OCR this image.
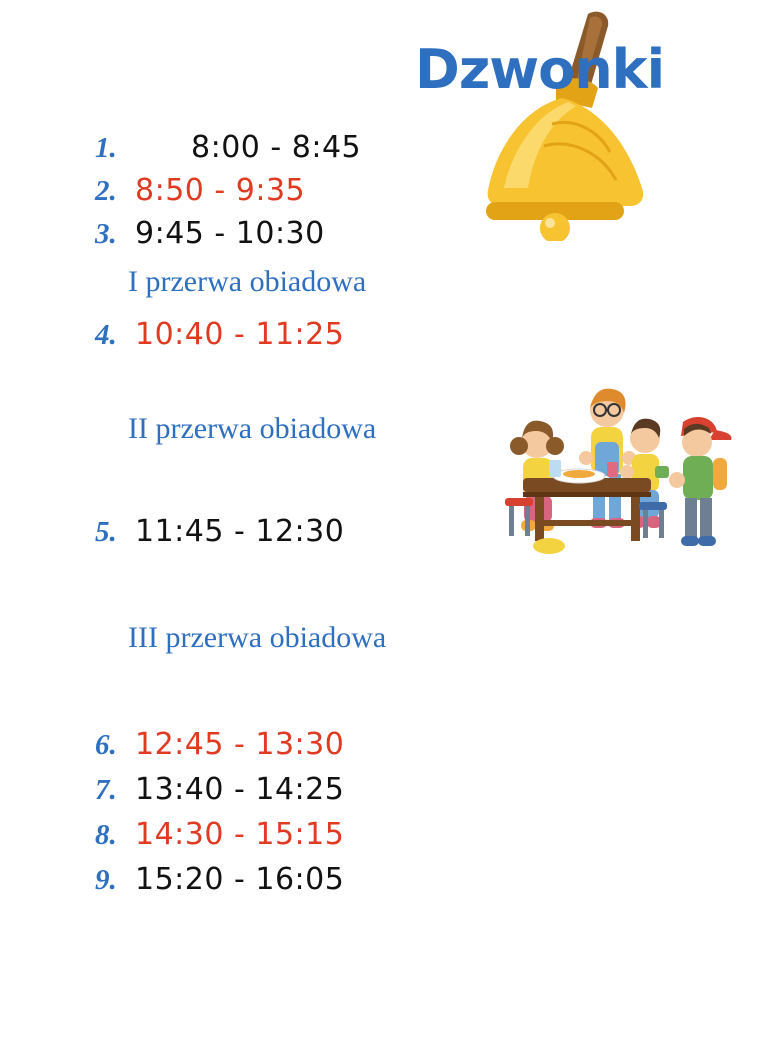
Dzwonki
1.	8:00 - 8:45
2. 8:50 - 9:35
3. 9:45 - 10:30
I przerwa obiadowa
4. 10:40 - 11:25
II przerwa obiadowa
5. 11:45 - 12:30
III przerwa obiadowa
6. 12:45 - 13:30
7. 13:40 - 14:25
8. 14:30 - 15:15
9. 15:20 - 16:05
